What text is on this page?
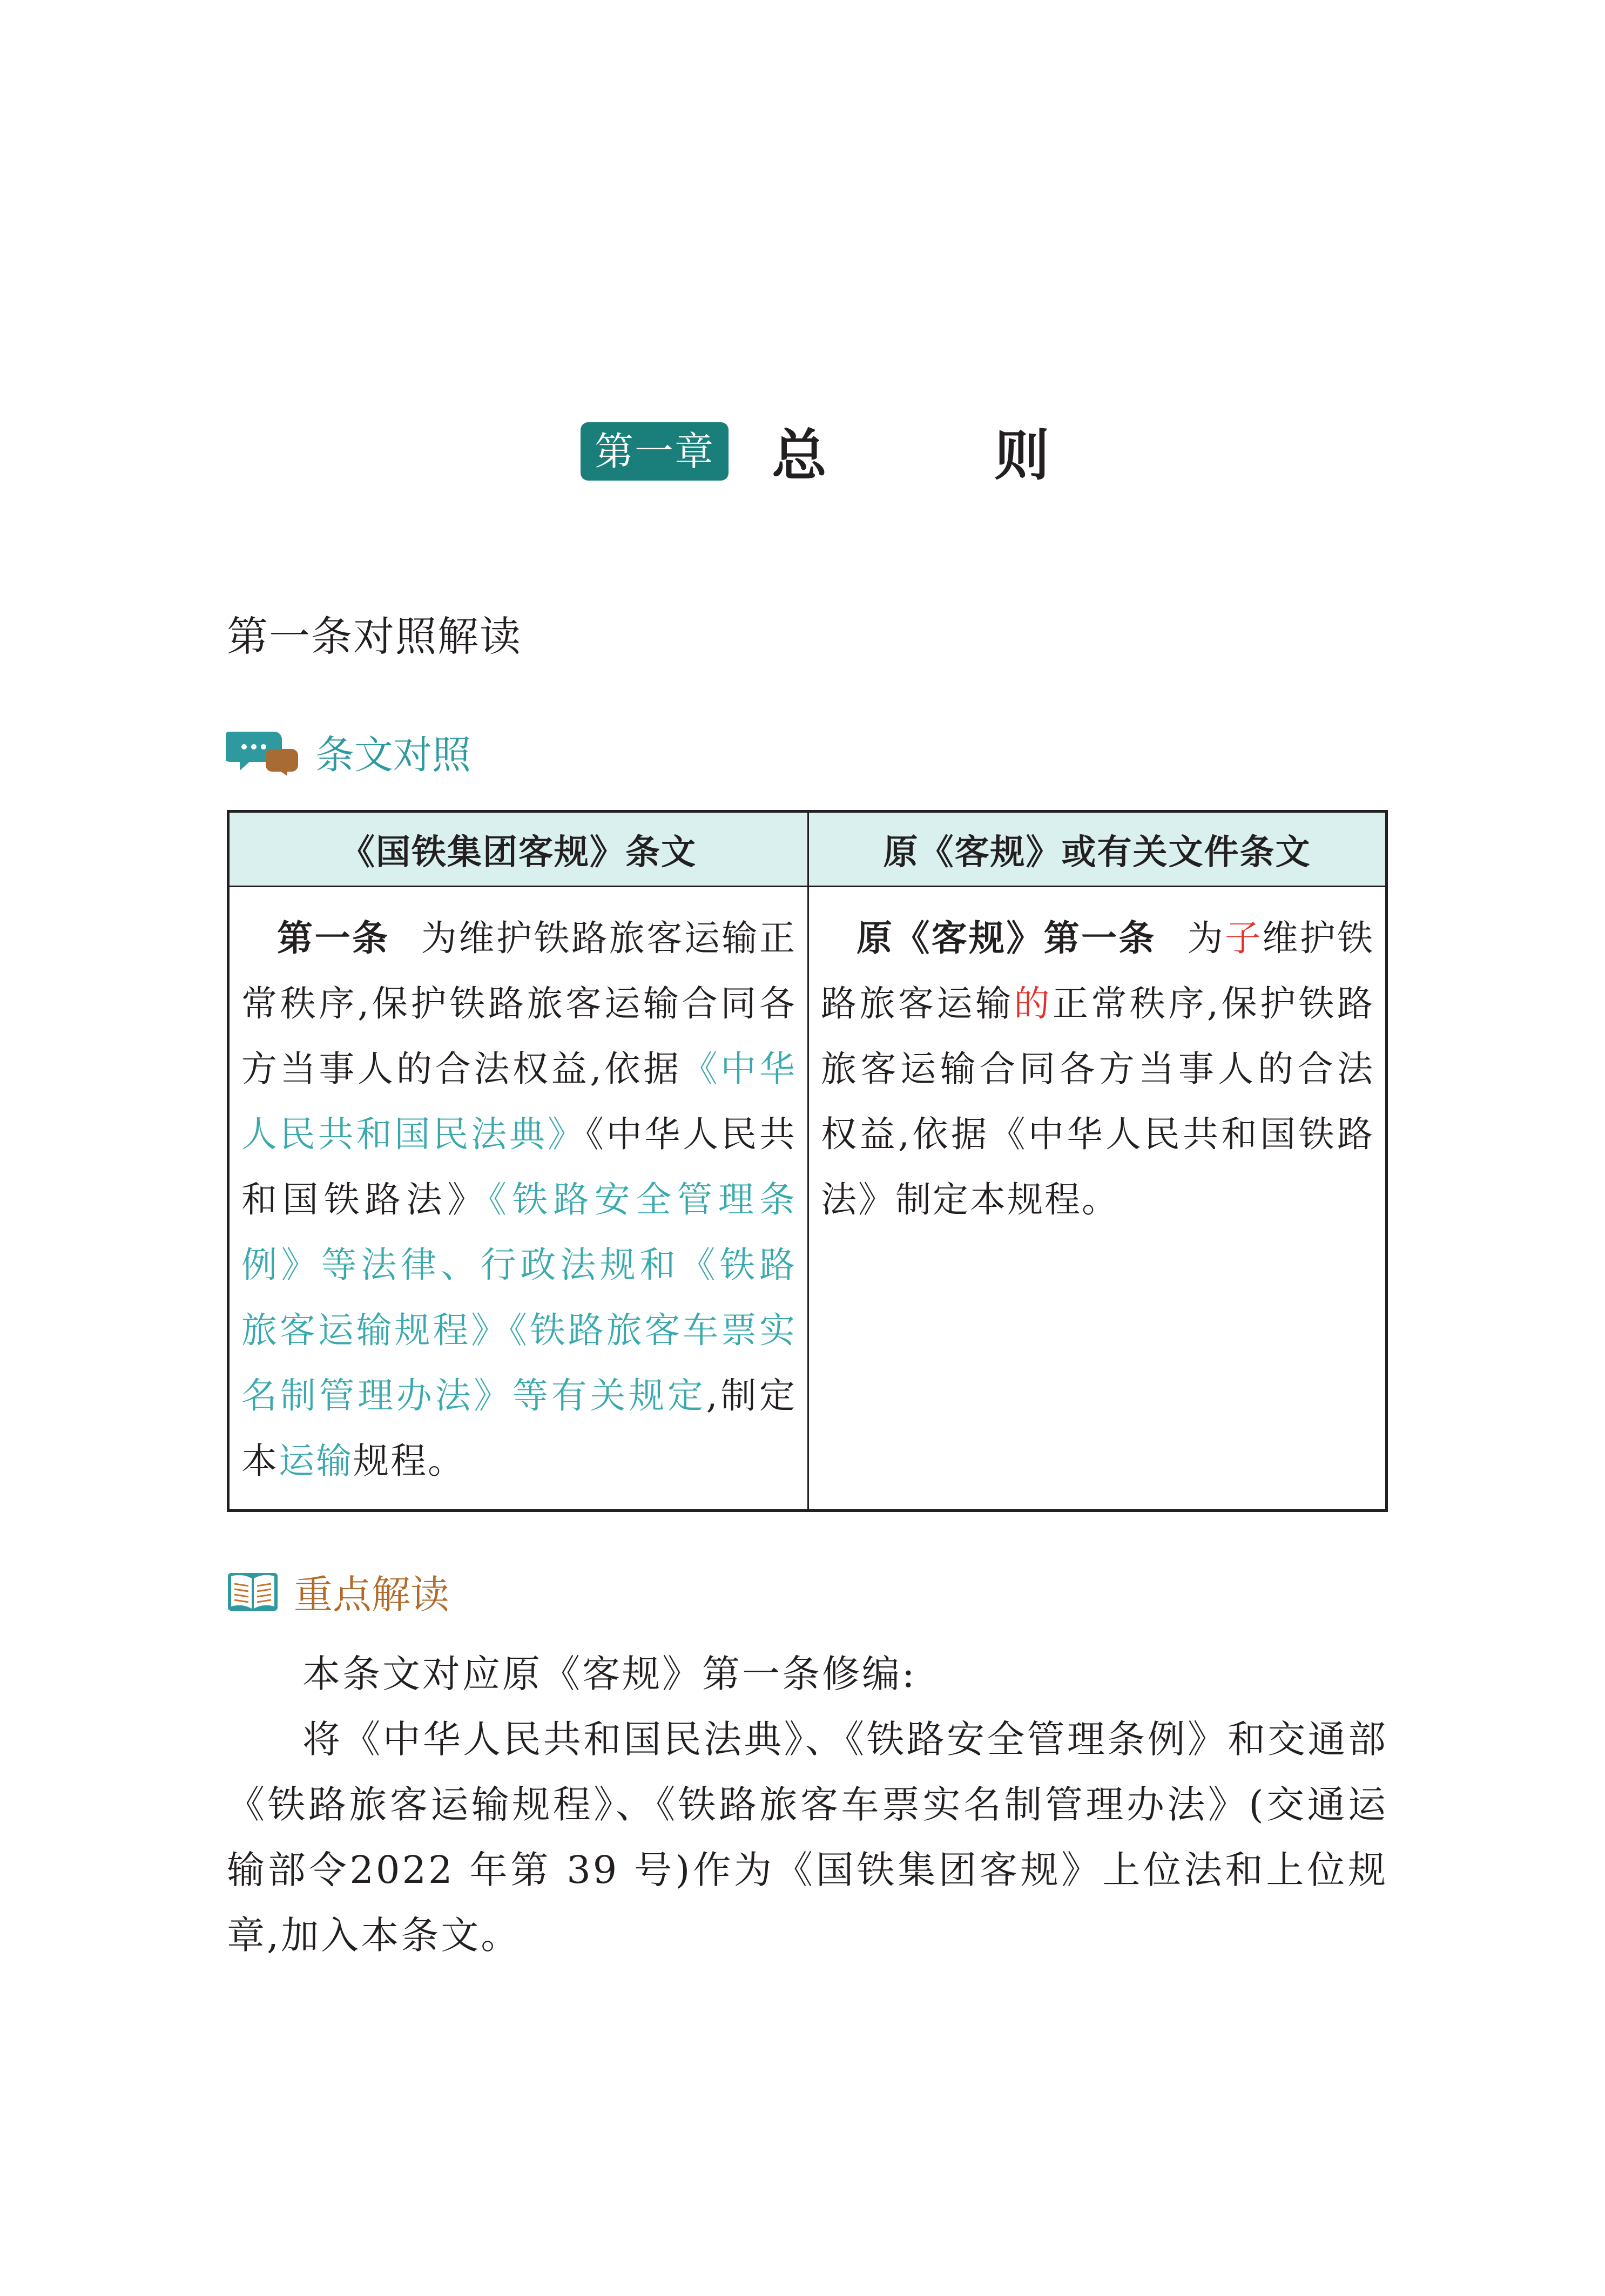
第一章 总则
第一条对照解读
条文对照
《国铁集团客规》条文	原《客规》或有关文件条文
第一条 为维护铁路旅客运输正常秩序,保护铁路旅客运输合同各方当事人的合法权益,依据《中华人民共和国民法典》《中华人民共和国铁路法》《铁路安全管理条例》等法律、行政法规和《铁路旅客运输规程》《铁路旅客车票实名制管理办法》等有关规定,制定本运输规程。
原《客规》第一条 为子维护铁路旅客运输的正常秩序,保护铁路旅客运输合同各方当事人的合法权益,依据《中华人民共和国铁路法》制定本规程。
重点解读

本条文对应原《客规》第一条修编:

将《中华人民共和国民法典》、《铁路安全管理条例》和交通部《铁路旅客运输规程》、《铁路旅客车票实名制管理办法》(交通运输部令2022 年第 39 号)作为《国铁集团客规》上位法和上位规章,加入本条文。
